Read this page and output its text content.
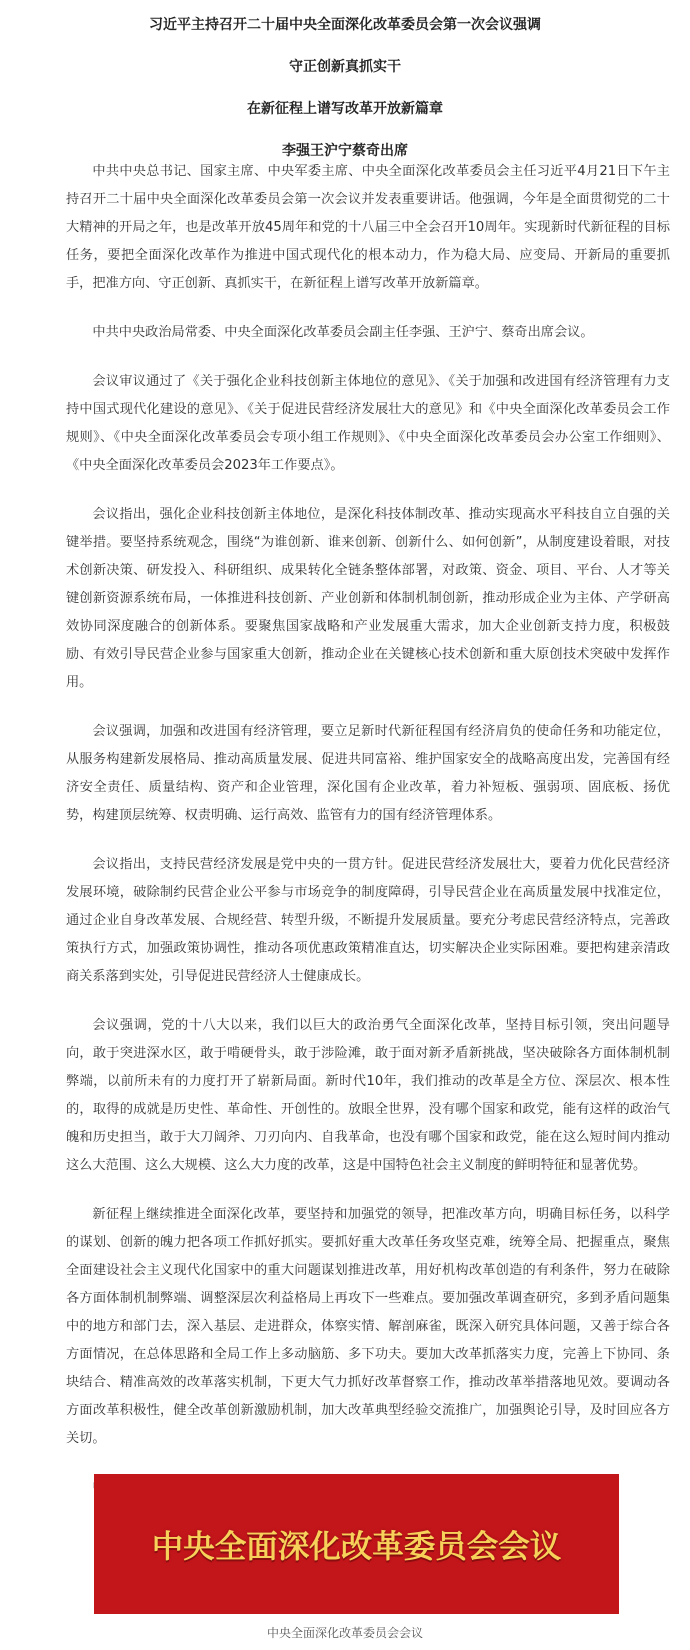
习近平主持召开二十届中央全面深化改革委员会第一次会议强调

守正创新真抓实干

在新征程上谱写改革开放新篇章

李强王沪宁蔡奇出席

中共中央总书记、国家主席、中央军委主席、中央全面深化改革委员会主任习近平4月21日下午主持召开二十届中央全面深化改革委员会第一次会议并发表重要讲话。他强调，今年是全面贯彻党的二十大精神的开局之年，也是改革开放45周年和党的十八届三中全会召开10周年。实现新时代新征程的目标任务，要把全面深化改革作为推进中国式现代化的根本动力，作为稳大局、应变局、开新局的重要抓手，把准方向、守正创新、真抓实干，在新征程上谱写改革开放新篇章。

中共中央政治局常委、中央全面深化改革委员会副主任李强、王沪宁、蔡奇出席会议。

会议审议通过了《关于强化企业科技创新主体地位的意见》、《关于加强和改进国有经济管理有力支持中国式现代化建设的意见》、《关于促进民营经济发展壮大的意见》和《中央全面深化改革委员会工作规则》、《中央全面深化改革委员会专项小组工作规则》、《中央全面深化改革委员会办公室工作细则》、《中央全面深化改革委员会2023年工作要点》。

会议指出，强化企业科技创新主体地位，是深化科技体制改革、推动实现高水平科技自立自强的关键举措。要坚持系统观念，围绕“为谁创新、谁来创新、创新什么、如何创新”，从制度建设着眼，对技术创新决策、研发投入、科研组织、成果转化全链条整体部署，对政策、资金、项目、平台、人才等关键创新资源系统布局，一体推进科技创新、产业创新和体制机制创新，推动形成企业为主体、产学研高效协同深度融合的创新体系。要聚焦国家战略和产业发展重大需求，加大企业创新支持力度，积极鼓励、有效引导民营企业参与国家重大创新，推动企业在关键核心技术创新和重大原创技术突破中发挥作用。

会议强调，加强和改进国有经济管理，要立足新时代新征程国有经济肩负的使命任务和功能定位，从服务构建新发展格局、推动高质量发展、促进共同富裕、维护国家安全的战略高度出发，完善国有经济安全责任、质量结构、资产和企业管理，深化国有企业改革，着力补短板、强弱项、固底板、扬优势，构建顶层统筹、权责明确、运行高效、监管有力的国有经济管理体系。

会议指出，支持民营经济发展是党中央的一贯方针。促进民营经济发展壮大，要着力优化民营经济发展环境，破除制约民营企业公平参与市场竞争的制度障碍，引导民营企业在高质量发展中找准定位，通过企业自身改革发展、合规经营、转型升级，不断提升发展质量。要充分考虑民营经济特点，完善政策执行方式，加强政策协调性，推动各项优惠政策精准直达，切实解决企业实际困难。要把构建亲清政商关系落到实处，引导促进民营经济人士健康成长。

会议强调，党的十八大以来，我们以巨大的政治勇气全面深化改革，坚持目标引领，突出问题导向，敢于突进深水区，敢于啃硬骨头，敢于涉险滩，敢于面对新矛盾新挑战，坚决破除各方面体制机制弊端，以前所未有的力度打开了崭新局面。新时代10年，我们推动的改革是全方位、深层次、根本性的，取得的成就是历史性、革命性、开创性的。放眼全世界，没有哪个国家和政党，能有这样的政治气魄和历史担当，敢于大刀阔斧、刀刃向内、自我革命，也没有哪个国家和政党，能在这么短时间内推动这么大范围、这么大规模、这么大力度的改革，这是中国特色社会主义制度的鲜明特征和显著优势。

新征程上继续推进全面深化改革，要坚持和加强党的领导，把准改革方向，明确目标任务，以科学的谋划、创新的魄力把各项工作抓好抓实。要抓好重大改革任务攻坚克难，统筹全局、把握重点，聚焦全面建设社会主义现代化国家中的重大问题谋划推进改革，用好机构改革创造的有利条件，努力在破除各方面体制机制弊端、调整深层次利益格局上再攻下一些难点。要加强改革调查研究，多到矛盾问题集中的地方和部门去，深入基层、走进群众，体察实情、解剖麻雀，既深入研究具体问题，又善于综合各方面情况，在总体思路和全局工作上多动脑筋、多下功夫。要加大改革抓落实力度，完善上下协同、条块结合、精准高效的改革落实机制，下更大气力抓好改革督察工作，推动改革举措落地见效。要调动各方面改革积极性，健全改革创新激励机制，加大改革典型经验交流推广，加强舆论引导，及时回应各方关切。

中央全面深化改革委员会会议
中央全面深化改革委员会会议
